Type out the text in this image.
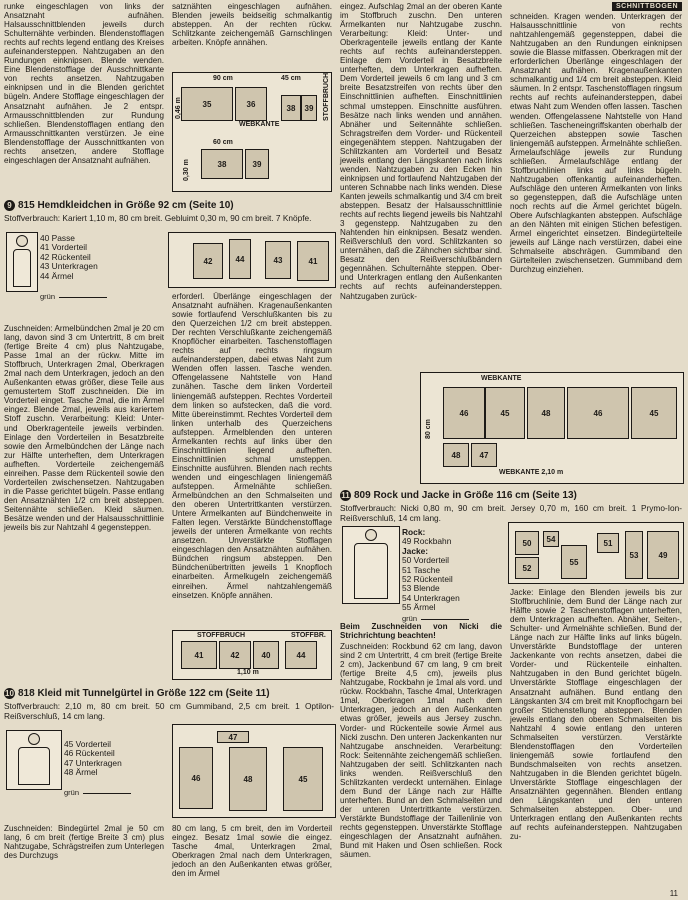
SCHNITTBOGEN

runke eingeschlagen von links der Ansatznaht aufnähen. Halsausschnittblenden jeweils durch Schulternähte verbinden. Blendenstofflagen rechts auf rechts legend entlang des Kreises aufeinandersteppen. Nahtzugaben an den Rundungen einknipsen. Blende wenden. Eine Blendenstofflage der Ausschnittkante von rechts ansetzen. Nahtzugaben einknipsen und in die Blenden gerichtet bügeln. Andere Stofflage eingeschlagen der Ansatznaht aufnähen. Je 2 entspr. Armausschnittblenden zur Rundung schließen. Blendenstofflagen entlang den Armausschnittkanten verstürzen. Je eine Blendenstofflage der Ausschnittkanten von rechts ansetzen, andere Stofflage eingeschlagen der Ansatznaht aufnähen.

satznähten eingeschlagen aufnähen. Blenden jeweils beidseitig schmalkantig absteppen. An der rechten rückw. Schlitzkante zeichengemäß Garnschlingen arbeiten. Knöpfe annähen.

90 cm	45 cm
35	36	38	39
WEBKANTE
STOFFBRUCH
0,46 m
60 cm
38	39
0,30 m

9 815 Hemdkleidchen in Größe 92 cm (Seite 10)

Stoffverbrauch: Kariert 1,10 m, 80 cm breit. Gebluimt 0,30 m, 90 cm breit. 7 Knöpfe.

40 Passe
41 Vorderteil
42 Rückenteil
43 Unterkragen
44 Ärmel
grün
42	44	43	41

Zuschneiden: Armelbündchen 2mal je 20 cm lang, davon sind 3 cm Untertritt, 8 cm breit (fertige Breite 4 cm) plus Nahtzugabe, Passe 1mal an der rückw. Mitte im Stoffbruch, Unterkragen 2mal, Oberkragen 2mal nach dem Unterkragen, jedoch an den Außenkanten etwas größer, diese Teile aus gemustertem Stoff zuschneiden. Die im Vorderteil einget. Tasche 2mal, die im Ärmel eingez. Blende 2mal, jeweils aus kariertem Stoff zuschn. Verarbeitung: Kleid: Unter- und Oberkragenteile jeweils verbinden. Einlage den Vorderteilen in Besatzbreite sowie den Ärmelbündchen der Länge nach zur Hälfte unterheften, dem Unterkragen aufheften. Vorderteile zeichengemäß einreihen. Passe dem Rückenteil sowie den Vorderteilen zwischensetzen. Nahtzugaben in die Passe gerichtet bügeln. Passe entlang den Ansatznähten 1/2 cm breit absteppen. Seitennähte schließen. Kleid säumen. Besätze wenden und der Halsausschnittlinie jeweils bis zur Nahtzahl 4 gegensteppen.

erforderl. Überlänge eingeschlagen der Ansatznaht aufnähen. Kragenaußenkanten sowie fortlaufend Verschlußkanten bis zu den Querzeichen 1/2 cm breit absteppen. Der rechten Verschlußkante zeichengemäß Knopflöcher einarbeiten. Taschenstofflagen rechts auf rechts ringsum aufeinandersteppen, dabei etwas Naht zum Wenden offen lassen. Tasche wenden. Offengelassene Nahtstelle von Hand zunähen. Tasche dem linken Vorderteil liniengemäß aufsteppen. Rechtes Vorderteil dem linken so aufstecken, daß die vord. Mitte übereinstimmt. Rechtes Vorderteil dem linken unterhalb des Querzeichens aufsteppen. Ärmelblenden den unteren Ärmelkanten rechts auf links über den Einschnittlinien liegend aufheften. Einschnittlinien schmal umsteppen. Einschnitte ausführen. Blenden nach rechts wenden und eingeschlagen liniengemäß aufsteppen. Ärmelnähte schließen. Ärmelbündchen an den Schmalseiten und den oberen Untertrittkanten verstürzen. Untere Ärmelkanten auf Bündchenweite in Falten legen. Verstärkte Bündchenstofflage jeweils der unteren Ärmelkante von rechts ansetzen. Unverstärkte Stofflagen eingeschlagen den Ansatznähten aufnähen. Bündchen ringsum absteppen. Den Bündchenübertritten jeweils 1 Knopfloch einarbeiten. Ärmelkugeln zeichengemäß einreihen. Ärmel nahtzahlengemäß einsetzen. Knöpfe annähen.

STOFFBRUCH	STOFFBR.
41	42	40	44
1,10 m

10 818 Kleid mit Tunnelgürtel in Größe 122 cm (Seite 11)

Stoffverbrauch: 2,10 m, 80 cm breit. 50 cm Gummiband, 2,5 cm breit. 1 Optilon-Reißverschluß, 14 cm lang.

45 Vorderteil
46 Rückenteil
47 Unterkragen
48 Ärmel
grün
47
46	48	45

Zuschneiden: Bindegürtel 2mal je 50 cm lang, 6 cm breit (fertige Breite 3 cm) plus Nahtzugabe, Schrägstreifen zum Unterlegen des Durchzugs

80 cm lang, 5 cm breit, den im Vorderteil eingez. Besatz 1mal sowie die eingez. Tasche 4mal, Unterkragen 2mal, Oberkragen 2mal nach dem Unterkragen, jedoch an den Außenkanten etwas größer, den im Ärmel

eingez. Aufschlag 2mal an der oberen Kante im Stoffbruch zuschn. Den unteren Ärmelkanten nur Nahtzugabe zuschn. Verarbeitung: Kleid: Unter- und Oberkragenteile jeweils entlang der Kante rechts auf rechts aufeinandersteppen. Einlage dem Vorderteil in Besatzbreite unterheften, dem Unterkragen aufheften. Dem Vorderteil jeweils 6 cm lang und 3 cm breite Besatzstreifen von rechts über den Einschnittlinien aufheften. Einschnittlinien schmal umsteppen. Einschnitte ausführen. Besätze nach links wenden und annähen. Abnäher und Seitennähte schließen. Schragstreifen dem Vorder- und Rückenteil eingegenähtem steppen. Nahtzugaben der Schlitzkanten am Vorderteil und Besatz jeweils entlang den Längskanten nach links wenden. Nahtzugaben zu den Ecken hin einknipsen und fortlaufend Nahtzugaben der unteren Schnabbe nach links wenden. Diese Kanten jeweils schmalkantig und 3/4 cm breit absteppen. Besatz der Halsausschnittlinie rechts auf rechts liegend jeweils bis Nahtzahl 3 gegenstepp. Nahtzugaben zu den Nahtenden hin einknipsen. Besatz wenden. Reißverschluß den vord. Schlitzkanten so unternähen, daß die Zähnchen sichtbar sind. Besatz den Reißverschlußbändern gegennähen. Schulternähte steppen. Ober- und Unterkragen entlang den Außenkanten rechts auf rechts aufeinandersteppen. Nahtzugaben zurück-

schneiden. Kragen wenden. Unterkragen der Halsausschnittlinie von rechts nahtzahlengemäß gegensteppen, dabei die Nahtzugaben an den Rundungen einknipsen sowie die Blasse mitfassen. Oberkragen mit der erforderlichen Überlänge eingeschlagen der Ansatznaht aufnähen. Kragenaußenkanten schmalkantig und 1/4 cm breit absteppen. Kleid säumen. In 2 entspr. Taschenstofflagen ringsum rechts auf rechts aufeinandersteppen, dabei etwas Naht zum Wenden offen lassen. Taschen wenden. Offengelassene Nahtstelle von Hand schließen. Tascheneingriffskanten oberhalb der Querzeichen absteppen sowie Taschen liniengemäß aufsteppen. Ärmelnähte schließen. Ärmelaufschläge jeweils zur Rundung schließen. Ärmelaufschläge entlang der Stoffbruchlinien links auf links bügeln. Nahtzugaben offenkantig aufeinanderheften. Aufschläge den unteren Ärmelkanten von links so gegensteppen, daß die Aufschläge unten noch rechts auf die Ärmel gerichtet bügeln. Obere Aufschlagkanten absteppen. Aufschläge an den Nähten mit einigen Stichen befestigen. Ärmel eingerichtet einsetzen. Bindegürtelteile jeweils auf Länge nach verstürzen, dabei eine Schmalseite abschrägen. Gummiband den Gürtelteilen zwischensetzen. Gummiband dem Durchzug einziehen.

WEBKANTE
80 cm
46	45	48	46	45
48	47
WEBKANTE 2,10 m

11 809 Rock und Jacke in Größe 116 cm (Seite 13)

Stoffverbrauch: Nicki 0,80 m, 90 cm breit. Jersey 0,70 m, 160 cm breit. 1 Prymo-Ion-Reißverschluß, 14 cm lang.

Rock:
49 Rockbahn
Jacke:
50 Vorderteil
51 Tasche
52 Rückenteil
53 Blende
54 Unterkragen
55 Ärmel
grün
50
52
54
55
51
53	49

Beim Zuschneiden von Nicki die Strichrichtung beachten!

Zuschneiden: Rockbund 62 cm lang, davon sind 2 cm Untertritt, 4 cm breit (fertige Breite 2 cm), Jackenbund 67 cm lang, 9 cm breit (fertige Breite 4,5 cm), jeweils plus Nahtzugabe, Rockbahn je 1mal als vord. und rückw. Rockbahn, Tasche 4mal, Unterkragen 1mal, Oberkragen 1mal nach dem Unterkragen, jedoch an den Außenkanten etwas größer, jeweils aus Jersey zuschn. Vorder- und Rückenteile sowie Ärmel aus Nicki zuschn. Den unteren Jackenkanten nur Nahtzugabe anschneiden. Verarbeitung: Rock: Seitennähte zeichengemäß schließen. Nahtzugaben der seitl. Schlitzkanten nach links wenden. Reißverschluß den Schlitzkanten verdeckt unternähen. Einlage dem Bund der Länge nach zur Hälfte unterheften. Bund an den Schmalseiten und der unteren Untertrittkante verstürzen. Verstärkte Bundstofflage der Taillenlinie von rechts gegensteppen. Unverstärkte Stofflage eingeschlagen der Ansatznaht aufnähen. Bund mit Haken und Ösen schließen. Rock säumen.

Jacke: Einlage den Blenden jeweils bis zur Stoffbruchlinie, dem Bund der Länge nach zur Hälfte sowie 2 Taschenstofflagen unterheften, dem Unterkragen aufheften. Abnäher, Seiten-, Schulter- und Ärmelnähte schließen. Bund der Länge nach zur Hälfte links auf links bügeln. Unverstärkte Bundstofflage der unteren Jackenkante von rechts ansetzen, dabei die Vorder- und Rückenteile einhalten. Nahtzugaben in den Bund gerichtet bügeln. Unverstärkte Stofflage eingeschlagen der Ansatznaht aufnähen. Bund entlang den Längskanten 3/4 cm breit mit Knopflochgarn bei großer Stichenstellung absteppen. Blenden jeweils entlang den oberen Schmalseiten bis Nahtzahl 4 sowie entlang den unteren Schmalseiten verstürzen. Verstärkte Blendenstofflagen den Vorderteilen liniengemäß sowie fortlaufend den Bundschmalseiten von rechts ansetzen. Nahtzugaben in die Blenden gerichtet bügeln. Unverstärkte Stofflage eingeschlagen der Ansatznähten gegennähen. Blenden entlang den Längskanten und den unteren Schmalseiten absteppen. Ober- und Unterkragen entlang den Außenkanten rechts auf rechts aufeinandersteppen. Nahtzugaben zu-

11
